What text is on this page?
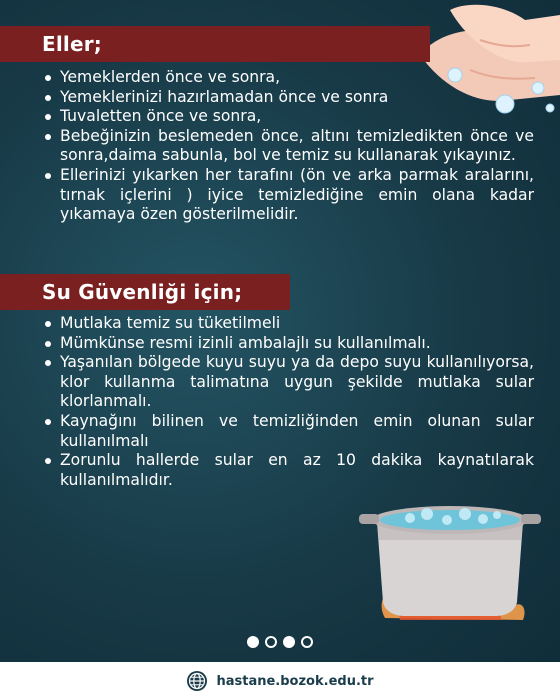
Eller;
Yemeklerden önce ve sonra,
Yemeklerinizi hazırlamadan önce ve sonra
Tuvaletten önce ve sonra,
Bebeğinizin beslemeden önce, altını temizledikten önce ve sonra,daima sabunla, bol ve temiz su kullanarak yıkayınız.
Ellerinizi yıkarken her tarafını (ön ve arka parmak aralarını, tırnak içlerini ) iyice temizlediğine emin olana kadar yıkamaya özen gösterilmelidir.
Su Güvenliği için;
Mutlaka temiz su tüketilmeli
Mümkünse resmi izinli ambalajlı su kullanılmalı.
Yaşanılan bölgede kuyu suyu ya da depo suyu kullanılıyorsa, klor kullanma talimatına uygun şekilde mutlaka sular klorlanmalı.
Kaynağını bilinen ve temizliğinden emin olunan sular kullanılmalı
Zorunlu hallerde sular en az 10 dakika kaynatılarak kullanılmalıdır.
hastane.bozok.edu.tr
